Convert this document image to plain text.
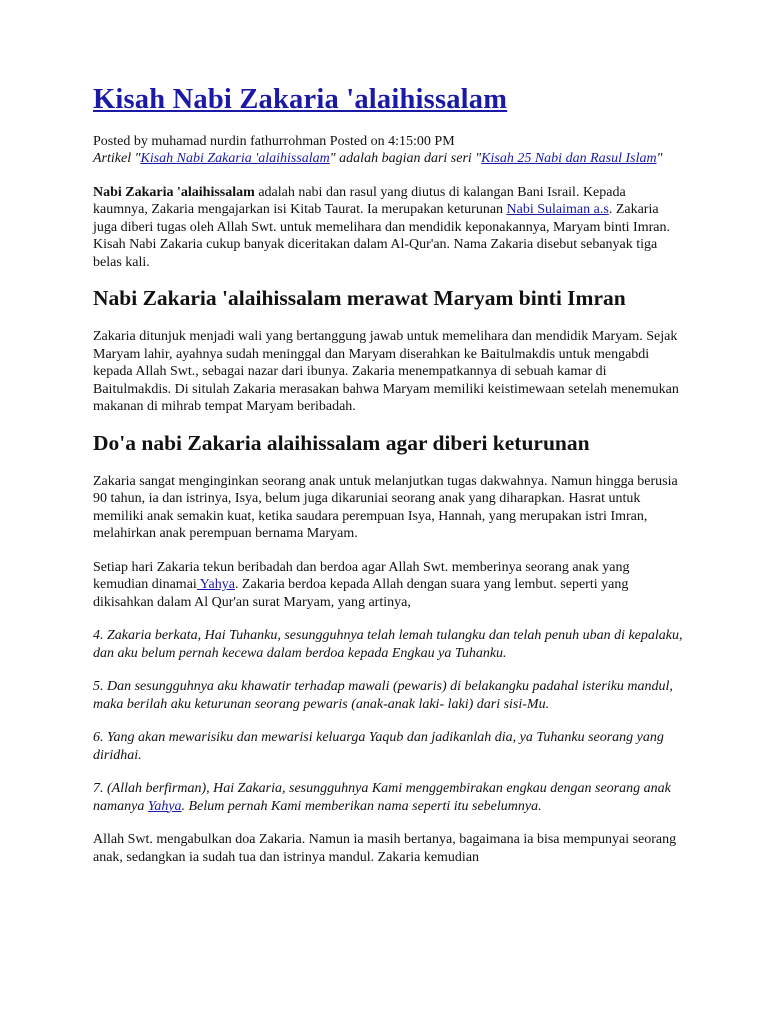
Kisah Nabi Zakaria 'alaihissalam
Posted by muhamad nurdin fathurrohman Posted on 4:15:00 PM
Artikel "Kisah Nabi Zakaria 'alaihissalam" adalah bagian dari seri "Kisah 25 Nabi dan Rasul Islam"

Nabi Zakaria 'alaihissalam adalah nabi dan rasul yang diutus di kalangan Bani Israil. Kepada kaumnya, Zakaria mengajarkan isi Kitab Taurat. Ia merupakan keturunan Nabi Sulaiman a.s. Zakaria juga diberi tugas oleh Allah Swt. untuk memelihara dan mendidik keponakannya, Maryam binti Imran. Kisah Nabi Zakaria cukup banyak diceritakan dalam Al-Qur'an. Nama Zakaria disebut sebanyak tiga belas kali.

Nabi Zakaria 'alaihissalam merawat Maryam binti Imran

Zakaria ditunjuk menjadi wali yang bertanggung jawab untuk memelihara dan mendidik Maryam. Sejak Maryam lahir, ayahnya sudah meninggal dan Maryam diserahkan ke Baitulmakdis untuk mengabdi kepada Allah Swt., sebagai nazar dari ibunya. Zakaria menempatkannya di sebuah kamar di Baitulmakdis. Di situlah Zakaria merasakan bahwa Maryam memiliki keistimewaan setelah menemukan makanan di mihrab tempat Maryam beribadah.

Do'a nabi Zakaria alaihissalam agar diberi keturunan

Zakaria sangat menginginkan seorang anak untuk melanjutkan tugas dakwahnya. Namun hingga berusia 90 tahun, ia dan istrinya, Isya, belum juga dikaruniai seorang anak yang diharapkan. Hasrat untuk memiliki anak semakin kuat, ketika saudara perempuan Isya, Hannah, yang merupakan istri Imran, melahirkan anak perempuan bernama Maryam.

Setiap hari Zakaria tekun beribadah dan berdoa agar Allah Swt. memberinya seorang anak yang kemudian dinamai Yahya. Zakaria berdoa kepada Allah dengan suara yang lembut. seperti yang dikisahkan dalam Al Qur'an surat Maryam, yang artinya,

4. Zakaria berkata, Hai Tuhanku, sesungguhnya telah lemah tulangku dan telah penuh uban di kepalaku, dan aku belum pernah kecewa dalam berdoa kepada Engkau ya Tuhanku.

5. Dan sesungguhnya aku khawatir terhadap mawali (pewaris) di belakangku padahal isteriku mandul, maka berilah aku keturunan seorang pewaris (anak-anak laki- laki) dari sisi-Mu.

6. Yang akan mewarisiku dan mewarisi keluarga Yaqub dan jadikanlah dia, ya Tuhanku seorang yang diridhai.

7. (Allah berfirman), Hai Zakaria, sesungguhnya Kami menggembirakan engkau dengan seorang anak namanya Yahya. Belum pernah Kami memberikan nama seperti itu sebelumnya.

Allah Swt. mengabulkan doa Zakaria. Namun ia masih bertanya, bagaimana ia bisa mempunyai seorang anak, sedangkan ia sudah tua dan istrinya mandul. Zakaria kemudian
